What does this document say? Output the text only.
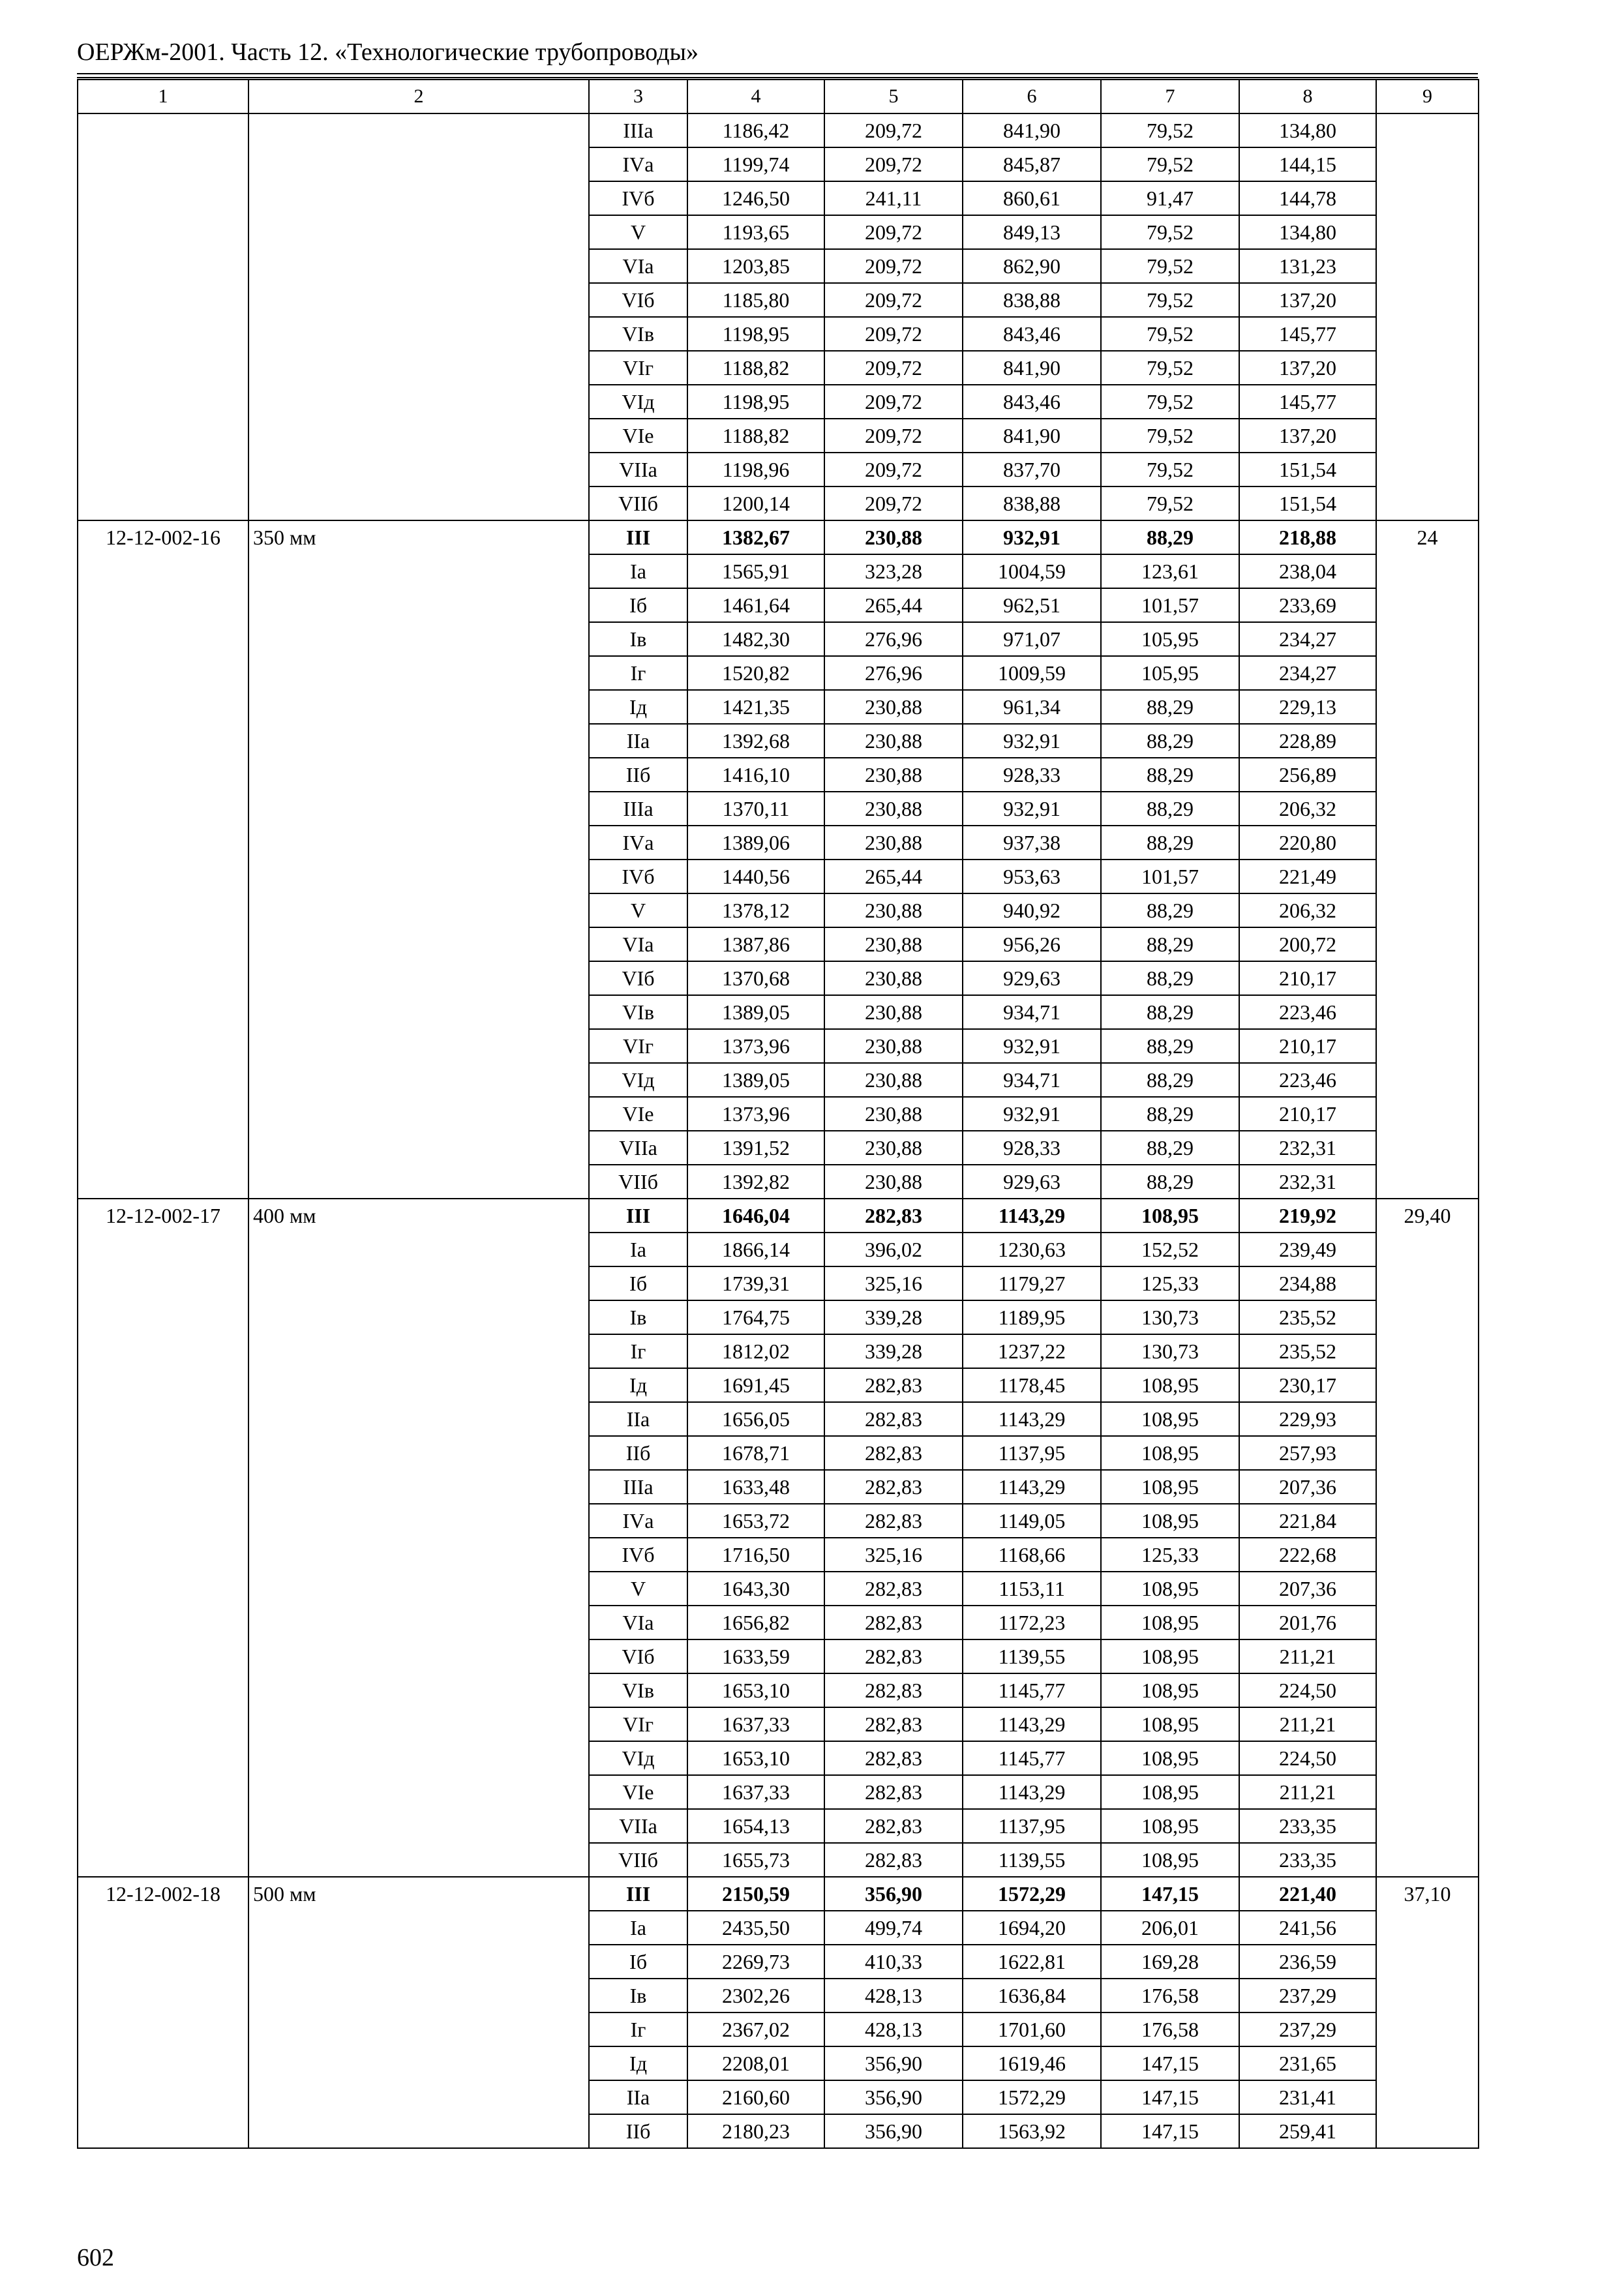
ОЕРЖм-2001. Часть 12. «Технологические трубопроводы»
1	2	3	4	5	6	7	8	9
		IIIа	1186,42	209,72	841,90	79,52	134,80	
		IVа	1199,74	209,72	845,87	79,52	144,15	
		IVб	1246,50	241,11	860,61	91,47	144,78	
		V	1193,65	209,72	849,13	79,52	134,80	
		VIа	1203,85	209,72	862,90	79,52	131,23	
		VIб	1185,80	209,72	838,88	79,52	137,20	
		VIв	1198,95	209,72	843,46	79,52	145,77	
		VIг	1188,82	209,72	841,90	79,52	137,20	
		VIд	1198,95	209,72	843,46	79,52	145,77	
		VIе	1188,82	209,72	841,90	79,52	137,20	
		VIIа	1198,96	209,72	837,70	79,52	151,54	
		VIIб	1200,14	209,72	838,88	79,52	151,54	
12-12-002-16	350 мм	III	1382,67	230,88	932,91	88,29	218,88	24
		Iа	1565,91	323,28	1004,59	123,61	238,04	
		Iб	1461,64	265,44	962,51	101,57	233,69	
		Iв	1482,30	276,96	971,07	105,95	234,27	
		Iг	1520,82	276,96	1009,59	105,95	234,27	
		Iд	1421,35	230,88	961,34	88,29	229,13	
		IIа	1392,68	230,88	932,91	88,29	228,89	
		IIб	1416,10	230,88	928,33	88,29	256,89	
		IIIа	1370,11	230,88	932,91	88,29	206,32	
		IVа	1389,06	230,88	937,38	88,29	220,80	
		IVб	1440,56	265,44	953,63	101,57	221,49	
		V	1378,12	230,88	940,92	88,29	206,32	
		VIа	1387,86	230,88	956,26	88,29	200,72	
		VIб	1370,68	230,88	929,63	88,29	210,17	
		VIв	1389,05	230,88	934,71	88,29	223,46	
		VIг	1373,96	230,88	932,91	88,29	210,17	
		VIд	1389,05	230,88	934,71	88,29	223,46	
		VIе	1373,96	230,88	932,91	88,29	210,17	
		VIIа	1391,52	230,88	928,33	88,29	232,31	
		VIIб	1392,82	230,88	929,63	88,29	232,31	
12-12-002-17	400 мм	III	1646,04	282,83	1143,29	108,95	219,92	29,40
		Iа	1866,14	396,02	1230,63	152,52	239,49	
		Iб	1739,31	325,16	1179,27	125,33	234,88	
		Iв	1764,75	339,28	1189,95	130,73	235,52	
		Iг	1812,02	339,28	1237,22	130,73	235,52	
		Iд	1691,45	282,83	1178,45	108,95	230,17	
		IIа	1656,05	282,83	1143,29	108,95	229,93	
		IIб	1678,71	282,83	1137,95	108,95	257,93	
		IIIа	1633,48	282,83	1143,29	108,95	207,36	
		IVа	1653,72	282,83	1149,05	108,95	221,84	
		IVб	1716,50	325,16	1168,66	125,33	222,68	
		V	1643,30	282,83	1153,11	108,95	207,36	
		VIа	1656,82	282,83	1172,23	108,95	201,76	
		VIб	1633,59	282,83	1139,55	108,95	211,21	
		VIв	1653,10	282,83	1145,77	108,95	224,50	
		VIг	1637,33	282,83	1143,29	108,95	211,21	
		VIд	1653,10	282,83	1145,77	108,95	224,50	
		VIе	1637,33	282,83	1143,29	108,95	211,21	
		VIIа	1654,13	282,83	1137,95	108,95	233,35	
		VIIб	1655,73	282,83	1139,55	108,95	233,35	
12-12-002-18	500 мм	III	2150,59	356,90	1572,29	147,15	221,40	37,10
		Iа	2435,50	499,74	1694,20	206,01	241,56	
		Iб	2269,73	410,33	1622,81	169,28	236,59	
		Iв	2302,26	428,13	1636,84	176,58	237,29	
		Iг	2367,02	428,13	1701,60	176,58	237,29	
		Iд	2208,01	356,90	1619,46	147,15	231,65	
		IIа	2160,60	356,90	1572,29	147,15	231,41	
		IIб	2180,23	356,90	1563,92	147,15	259,41	
602
